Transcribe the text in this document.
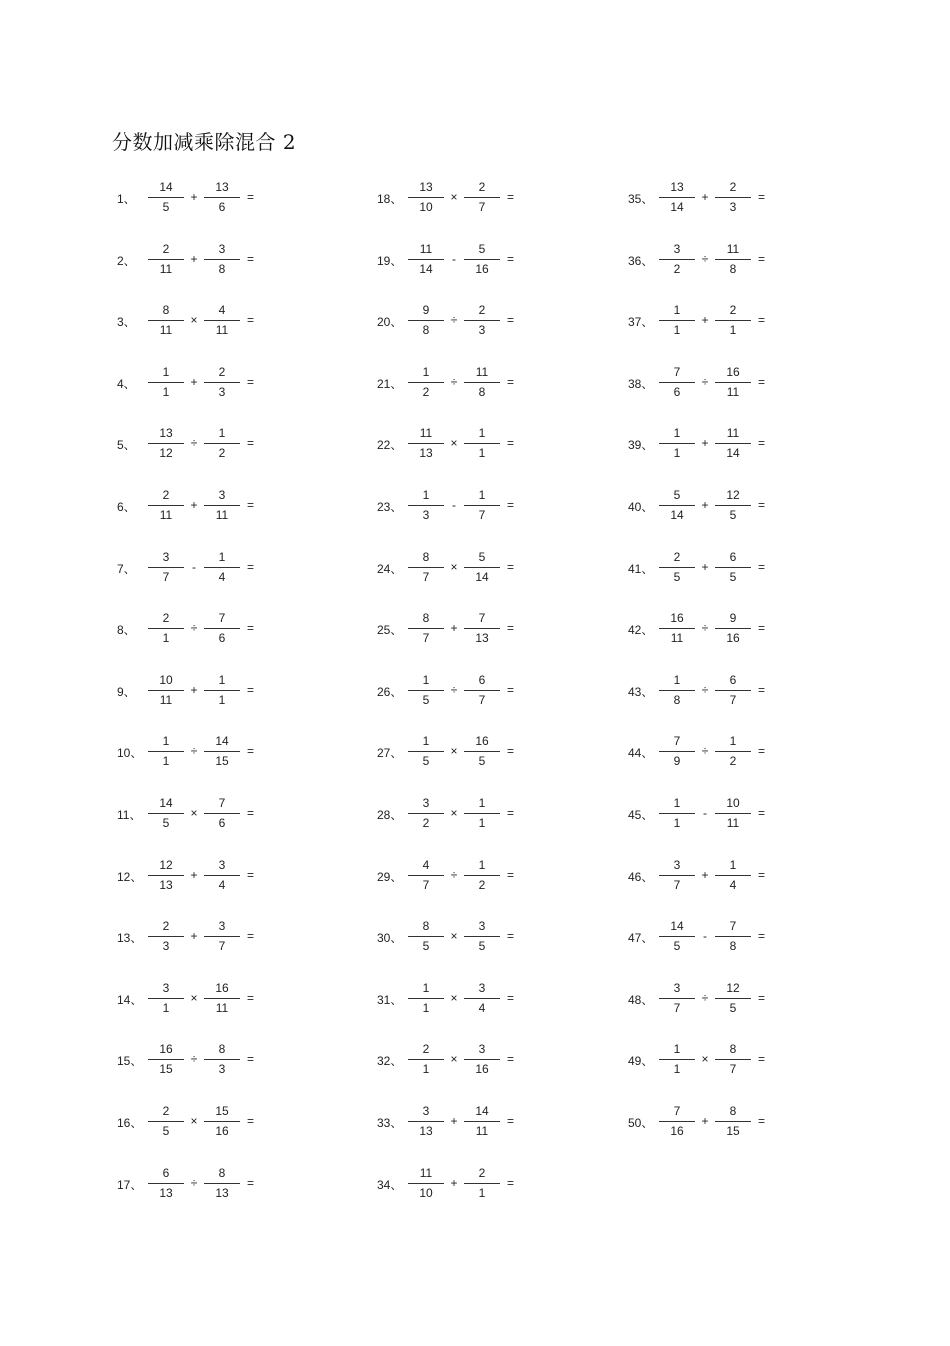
分数加减乘除混合 2
1、
14
5
+
13
6
=
2、
2
11
+
3
8
=
3、
8
11
×
4
11
=
4、
1
1
+
2
3
=
5、
13
12
÷
1
2
=
6、
2
11
+
3
11
=
7、
3
7
-
1
4
=
8、
2
1
÷
7
6
=
9、
10
11
+
1
1
=
10、
1
1
÷
14
15
=
11、
14
5
×
7
6
=
12、
12
13
+
3
4
=
13、
2
3
+
3
7
=
14、
3
1
×
16
11
=
15、
16
15
÷
8
3
=
16、
2
5
×
15
16
=
17、
6
13
÷
8
13
=
18、
13
10
×
2
7
=
19、
11
14
-
5
16
=
20、
9
8
÷
2
3
=
21、
1
2
÷
11
8
=
22、
11
13
×
1
1
=
23、
1
3
-
1
7
=
24、
8
7
×
5
14
=
25、
8
7
+
7
13
=
26、
1
5
÷
6
7
=
27、
1
5
×
16
5
=
28、
3
2
×
1
1
=
29、
4
7
÷
1
2
=
30、
8
5
×
3
5
=
31、
1
1
×
3
4
=
32、
2
1
×
3
16
=
33、
3
13
+
14
11
=
34、
11
10
+
2
1
=
35、
13
14
+
2
3
=
36、
3
2
÷
11
8
=
37、
1
1
+
2
1
=
38、
7
6
÷
16
11
=
39、
1
1
+
11
14
=
40、
5
14
+
12
5
=
41、
2
5
+
6
5
=
42、
16
11
÷
9
16
=
43、
1
8
÷
6
7
=
44、
7
9
÷
1
2
=
45、
1
1
-
10
11
=
46、
3
7
+
1
4
=
47、
14
5
-
7
8
=
48、
3
7
÷
12
5
=
49、
1
1
×
8
7
=
50、
7
16
+
8
15
=
